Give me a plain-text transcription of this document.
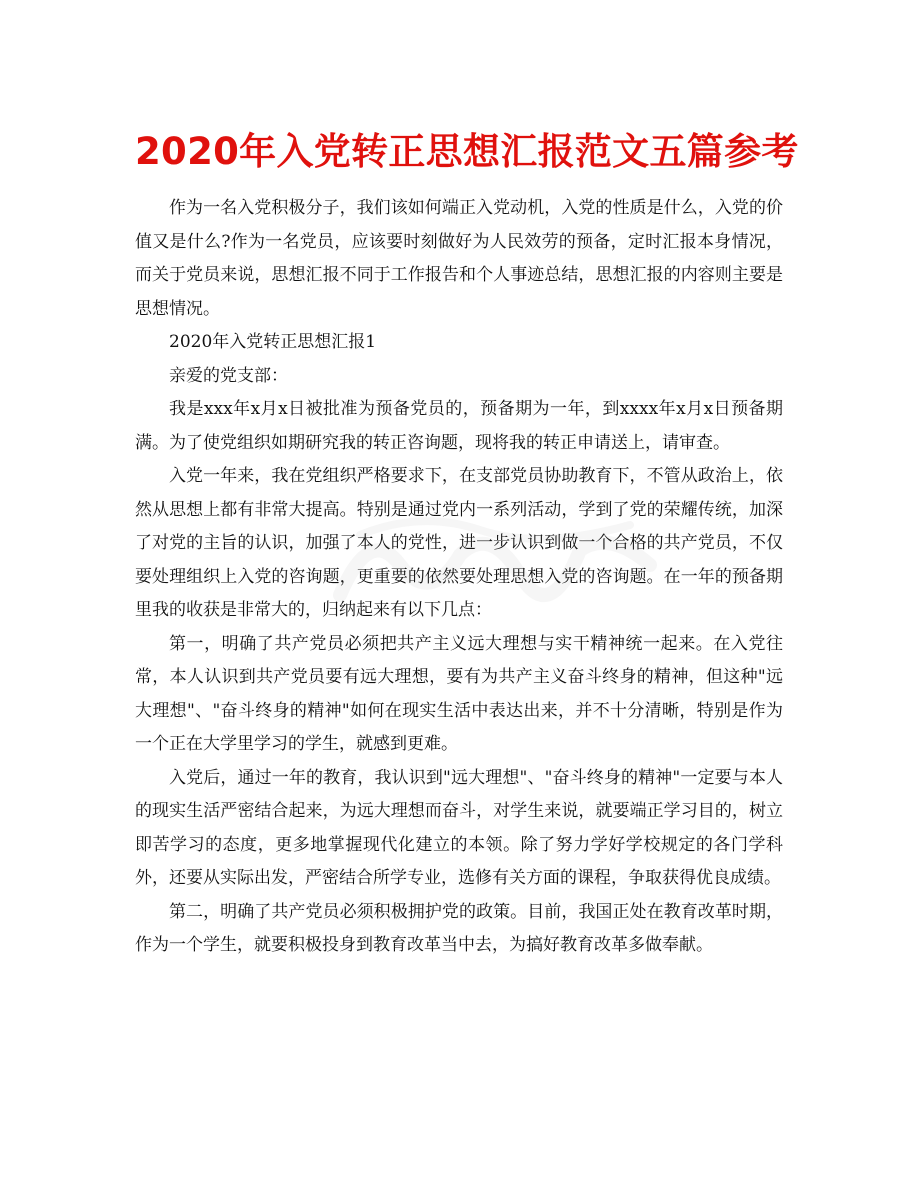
2020年入党转正思想汇报范文五篇参考

作为一名入党积极分子，我们该如何端正入党动机，入党的性质是什么，入党的价值又是什么?作为一名党员，应该要时刻做好为人民效劳的预备，定时汇报本身情况，而关于党员来说，思想汇报不同于工作报告和个人事迹总结，思想汇报的内容则主要是思想情况。

2020年入党转正思想汇报1

亲爱的党支部：

我是xxx年x月x日被批准为预备党员的，预备期为一年，到xxxx年x月x日预备期满。为了使党组织如期研究我的转正咨询题，现将我的转正申请送上，请审查。

入党一年来，我在党组织严格要求下，在支部党员协助教育下，不管从政治上，依然从思想上都有非常大提高。特别是通过党内一系列活动，学到了党的荣耀传统，加深了对党的主旨的认识，加强了本人的党性，进一步认识到做一个合格的共产党员，不仅要处理组织上入党的咨询题，更重要的依然要处理思想入党的咨询题。在一年的预备期里我的收获是非常大的，归纳起来有以下几点：

第一，明确了共产党员必须把共产主义远大理想与实干精神统一起来。在入党往常，本人认识到共产党员要有远大理想，要有为共产主义奋斗终身的精神，但这种"远大理想"、"奋斗终身的精神"如何在现实生活中表达出来，并不十分清晰，特别是作为一个正在大学里学习的学生，就感到更难。

入党后，通过一年的教育，我认识到"远大理想"、"奋斗终身的精神"一定要与本人的现实生活严密结合起来，为远大理想而奋斗，对学生来说，就要端正学习目的，树立即苦学习的态度，更多地掌握现代化建立的本领。除了努力学好学校规定的各门学科外，还要从实际出发，严密结合所学专业，选修有关方面的课程，争取获得优良成绩。

第二，明确了共产党员必须积极拥护党的政策。目前，我国正处在教育改革时期，作为一个学生，就要积极投身到教育改革当中去，为搞好教育改革多做奉献。
